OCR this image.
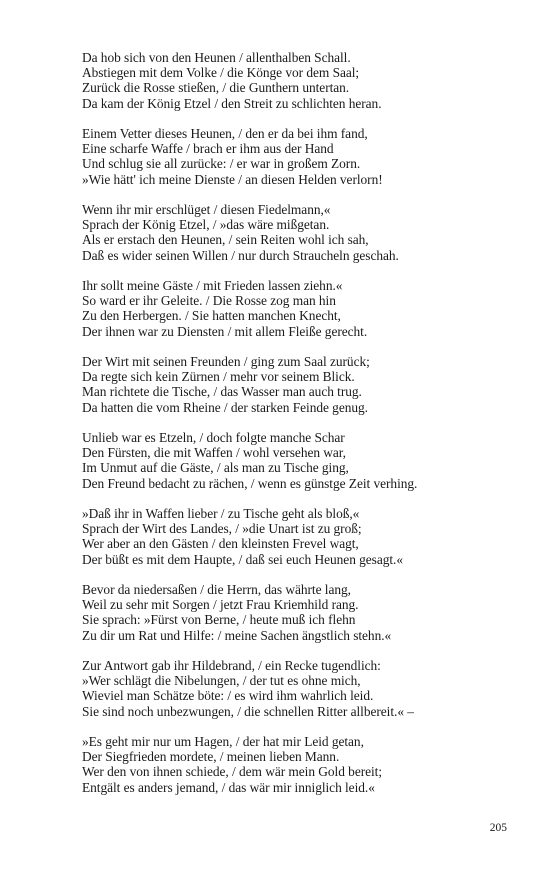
Da hob sich von den Heunen / allenthalben Schall.
Abstiegen mit dem Volke / die Könge vor dem Saal;
Zurück die Rosse stießen, / die Gunthern untertan.
Da kam der König Etzel / den Streit zu schlichten heran.
Einem Vetter dieses Heunen, / den er da bei ihm fand,
Eine scharfe Waffe / brach er ihm aus der Hand
Und schlug sie all zurücke: / er war in großem Zorn.
»Wie hätt' ich meine Dienste / an diesen Helden verlorn!
Wenn ihr mir erschlüget / diesen Fiedelmann,«
Sprach der König Etzel, / »das wäre mißgetan.
Als er erstach den Heunen, / sein Reiten wohl ich sah,
Daß es wider seinen Willen / nur durch Straucheln geschah.
Ihr sollt meine Gäste / mit Frieden lassen ziehn.«
So ward er ihr Geleite. / Die Rosse zog man hin
Zu den Herbergen. / Sie hatten manchen Knecht,
Der ihnen war zu Diensten / mit allem Fleiße gerecht.
Der Wirt mit seinen Freunden / ging zum Saal zurück;
Da regte sich kein Zürnen / mehr vor seinem Blick.
Man richtete die Tische, / das Wasser man auch trug.
Da hatten die vom Rheine / der starken Feinde genug.
Unlieb war es Etzeln, / doch folgte manche Schar
Den Fürsten, die mit Waffen / wohl versehen war,
Im Unmut auf die Gäste, / als man zu Tische ging,
Den Freund bedacht zu rächen, / wenn es günstge Zeit verhing.
»Daß ihr in Waffen lieber / zu Tische geht als bloß,«
Sprach der Wirt des Landes, / »die Unart ist zu groß;
Wer aber an den Gästen / den kleinsten Frevel wagt,
Der büßt es mit dem Haupte, / daß sei euch Heunen gesagt.«
Bevor da niedersaßen / die Herrn, das währte lang,
Weil zu sehr mit Sorgen / jetzt Frau Kriemhild rang.
Sie sprach: »Fürst von Berne, / heute muß ich flehn
Zu dir um Rat und Hilfe: / meine Sachen ängstlich stehn.«
Zur Antwort gab ihr Hildebrand, / ein Recke tugendlich:
»Wer schlägt die Nibelungen, / der tut es ohne mich,
Wieviel man Schätze böte: / es wird ihm wahrlich leid.
Sie sind noch unbezwungen, / die schnellen Ritter allbereit.« –
»Es geht mir nur um Hagen, / der hat mir Leid getan,
Der Siegfrieden mordete, / meinen lieben Mann.
Wer den von ihnen schiede, / dem wär mein Gold bereit;
Entgält es anders jemand, / das wär mir inniglich leid.«
205
